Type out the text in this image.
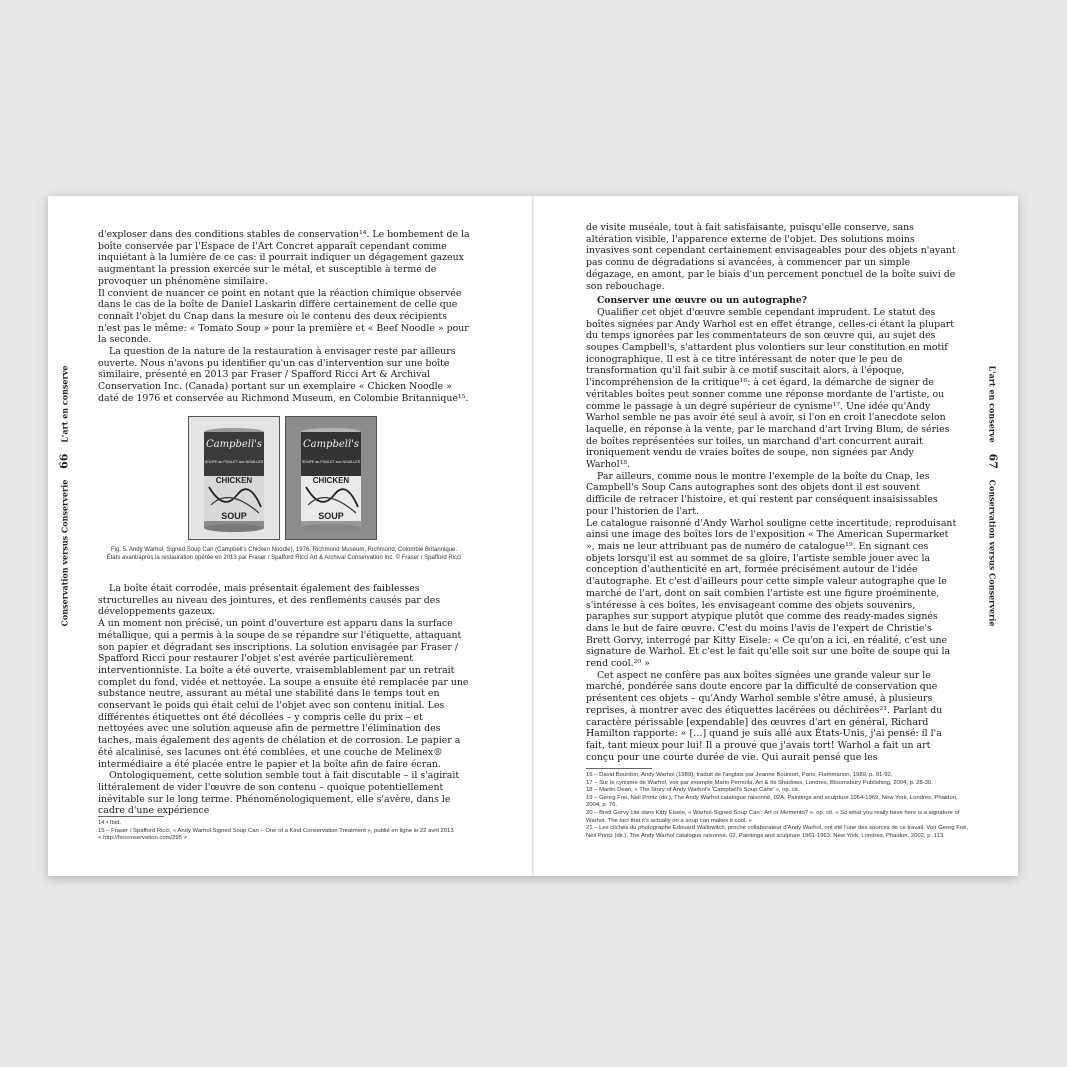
Conservation versus Conserverie 66 L'art en conserve

d'exploser dans des conditions stables de conservation¹⁴. Le bombement de la boîte conservée par l'Espace de l'Art Concret apparaît cependant comme inquiétant à la lumière de ce cas: il pourrait indiquer un dégagement gazeux augmentant la pression exercée sur le métal, et susceptible à terme de provoquer un phénomène similaire.

Il convient de nuancer ce point en notant que la réaction chimique observée dans le cas de la boîte de Daniel Laskarin diffère certainement de celle que connaît l'objet du Cnap dans la mesure où le contenu des deux récipients n'est pas le même: « Tomato Soup » pour la première et « Beef Noodle » pour la seconde.

La question de la nature de la restauration à envisager reste par ailleurs ouverte. Nous n'avons pu identifier qu'un cas d'intervention sur une boîte similaire, présenté en 2013 par Fraser / Spafford Ricci Art & Archival Conservation Inc. (Canada) portant sur un exemplaire « Chicken Noodle » daté de 1976 et conservée au Richmond Museum, en Colombie Britannique¹⁵.

Campbell's
SOUPE au POULET aux NOUILLES
CHICKEN
SOUP
Campbell's
SOUPE au POULET aux NOUILLES
CHICKEN
SOUP
Fig. 5. Andy Warhol, Signed Soup Can (Campbell's Chicken Noodle), 1976, Richmond Museum, Richmond, Colombie Britannique.
États avant/après la restauration opérée en 2013 par Fraser / Spafford Ricci Art & Archival Conservation Inc. © Fraser / Spafford Ricci

La boîte était corrodée, mais présentait également des faiblesses structurelles au niveau des jointures, et des renflements causés par des développements gazeux.

À un moment non précisé, un point d'ouverture est apparu dans la surface métallique, qui a permis à la soupe de se répandre sur l'étiquette, attaquant son papier et dégradant ses inscriptions. La solution envisagée par Fraser / Spafford Ricci pour restaurer l'objet s'est avérée particulièrement interventionniste. La boîte a été ouverte, vraisemblablement par un retrait complet du fond, vidée et nettoyée. La soupe a ensuite été remplacée par une substance neutre, assurant au métal une stabilité dans le temps tout en conservant le poids qui était celui de l'objet avec son contenu initial. Les différentes étiquettes ont été décollées – y compris celle du prix – et nettoyées avec une solution aqueuse afin de permettre l'élimination des taches, mais également des agents de chélation et de corrosion. Le papier a été alcalinisé, ses lacunes ont été comblées, et une couche de Melinex® intermédiaire a été placée entre le papier et la boîte afin de faire écran.

Ontologiquement, cette solution semble tout à fait discutable – il s'agirait littéralement de vider l'œuvre de son contenu – quoique potentiellement inévitable sur le long terme. Phénoménologiquement, elle s'avère, dans le cadre d'une expérience

14 • Ibid.

15 – Fraser / Spafford Ricci, « Andy Warhol Signed Soup Can – One of a Kind Conservation Treatment », publié en ligne le 22 avril 2013

< http://fsrconservation.com/295 >

L'art en conserve 67 Conservation versus Conserverie

de visite muséale, tout à fait satisfaisante, puisqu'elle conserve, sans altération visible, l'apparence externe de l'objet. Des solutions moins invasives sont cependant certainement envisageables pour des objets n'ayant pas connu de dégradations si avancées, à commencer par un simple dégazage, en amont, par le biais d'un percement ponctuel de la boîte suivi de son rebouchage.

Conserver une œuvre ou un autographe?

Qualifier cet objet d'œuvre semble cependant imprudent. Le statut des boîtes signées par Andy Warhol est en effet étrange, celles-ci étant la plupart du temps ignorées par les commentateurs de son œuvre qui, au sujet des soupes Campbell's, s'attardent plus volontiers sur leur constitution en motif iconographique. Il est à ce titre intéressant de noter que le peu de transformation qu'il fait subir à ce motif suscitait alors, à l'époque, l'incompréhension de la critique¹⁶: à cet égard, la démarche de signer de véritables boîtes peut sonner comme une réponse mordante de l'artiste, ou comme le passage à un degré supérieur de cynisme¹⁷. Une idée qu'Andy Warhol semble ne pas avoir été seul à avoir, si l'on en croit l'anecdote selon laquelle, en réponse à la vente, par le marchand d'art Irving Blum, de séries de boîtes représentées sur toiles, un marchand d'art concurrent aurait ironiquement vendu de vraies boîtes de soupe, non signées par Andy Warhol¹⁸.

Par ailleurs, comme nous le montre l'exemple de la boîte du Cnap, les Campbell's Soup Cans autographes sont des objets dont il est souvent difficile de retracer l'histoire, et qui restent par conséquent insaisissables pour l'historien de l'art.

Le catalogue raisonné d'Andy Warhol souligne cette incertitude, reproduisant ainsi une image des boîtes lors de l'exposition « The American Supermarket », mais ne leur attribuant pas de numéro de catalogue¹⁹. En signant ces objets lorsqu'il est au sommet de sa gloire, l'artiste semble jouer avec la conception d'authenticité en art, formée précisément autour de l'idée d'autographe. Et c'est d'ailleurs pour cette simple valeur autographe que le marché de l'art, dont on sait combien l'artiste est une figure proéminente, s'intéresse à ces boîtes, les envisageant comme des objets souvenirs, paraphes sur support atypique plutôt que comme des ready-mades signés dans le but de faire œuvre. C'est du moins l'avis de l'expert de Christie's Brett Gorvy, interrogé par Kitty Eisele: « Ce qu'on a ici, en réalité, c'est une signature de Warhol. Et c'est le fait qu'elle soit sur une boîte de soupe qui la rend cool.²⁰ »

Cet aspect ne confère pas aux boîtes signées une grande valeur sur le marché, pondérée sans doute encore par la difficulté de conservation que présentent ces objets – qu'Andy Warhol semble s'être amusé, à plusieurs reprises, à montrer avec des étiquettes lacérées ou déchirées²¹. Parlant du caractère périssable [expendable] des œuvres d'art en général, Richard Hamilton rapporte: « […] quand je suis allé aux États-Unis, j'ai pensé: il l'a fait, tant mieux pour lui! Il a prouvé que j'avais tort! Warhol a fait un art conçu pour une courte durée de vie. Qui aurait pensé que les

16 – David Bourdon, Andy Warhol (1989), traduit de l'anglais par Jeanne Bouniort, Paris, Flammarion, 1989, p. 91-92.

17 – Sur le cynisme de Warhol, voir par exemple Mario Perniola, Art & Its Shadows, Londres, Bloomsbury Publishing, 2004, p. 28-30.

18 – Martin Dean, « The Story of Andy Warhol's 'Campbell's Soup Cans' », op. cit.

19 – Georg Frei, Neil Printz (dir.), The Andy Warhol catalogue raisonné, 02A, Paintings and sculpture 1964-1969, New York, Londres, Phaidon, 2004, p. 76.

20 – Brett Gorvy cité dans Kitty Eisele, « Warhol-Signed Soup Can : Art or Memento? », op. cit. « So what you really have here is a signature of Warhol. The fact that it's actually on a soup can makes it cool. »

21 – Les clichés du photographe Edouard Wallowitch, proche collaborateur d'Andy Warhol, ont été l'une des sources de ce travail. Voir Georg Frei, Neil Printz (dir.), The Andy Warhol catalogue raisonné, 02, Paintings and sculpture 1961-1963, New York, Londres, Phaidon, 2002, p. 113.
